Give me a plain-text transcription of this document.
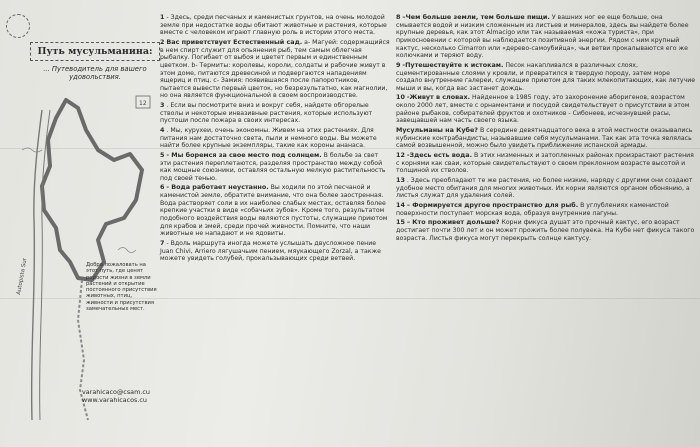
Путь мусульманина:
... Путеводитель для вашего удовольствия.
Autopista Sur
12
Добро пожаловать на этот путь, где ценят редости жизни в земли растений и открытие постоянного присутствия животных, птиц, живности и присутствия замечательных мест.
varahicaco@csam.cu
www.varahicacos.cu

1 - Здесь, среди песчаных и каменистых грунтов, на очень молодой земле при недостатке воды обитают животные и растения, которые вместе с человеком играют главную роль в истории этого места.

2 Вас приветствует Естественный сад. а- Магуей: содержащийся в нем спирт служит для опьянения рыб, тем самым облегчая рыбалку. Погибает от выбоя и цветет первым и единственным цветком. b- Термиты: королевы, короли, солдаты и рабочие живут в этом доме, питаются древесиной и подвергаются нападениям ящериц и птиц. с- Замия: появившаяся после папоротников, пытается вывести первый цветок, но безрезультатно, как магнолии, но она является функциональной в своем воспроизводстве.

3 . Если вы посмотрите вниз и вокруг себя, найдете обгорелые стволы и некоторые инвазивные растения, которые используют пустоши после пожара в своих интересах.

4 . Мы, курухеи, очень экономны. Живем на этих растениях. Для питания нам достаточно света, пыли и немного воды. Вы можете найти более крупные экземпляры, такие как короны ананаса.

5 - Мы боремся за свое место под солнцем. В больбе за свет эти растения переплетаются, разделяя пространство между собой как мощные союзники, оставляя остальную мелкую растительность под своей тенью.

6 - Вода работает неустанно. Вы ходили по этой песчаной и каменистой земле, обратите внимание, что она более заостренная. Вода растворяет соли в их наиболее слабых местах, оставляя более крепкие участки в виде «собачьих зубов». Кроме того, результатом подобного воздействия воды являются пустоты, служащие приютом для крабов и змей, среди прочей живности. Помните, что наши животные не нападают и не ядовиты.

7 - Вдоль маршрута иногда можете услышать двусложное пение Juan Chivi, Arriero лягушачьим пением, мяукающего Zorzal, а также можете увидеть голубей, прокальзывающих среди ветвей.

8 –Чем больше земли, тем больше пищи. У вашних ног ее еще больше, она смывается водой и низким сложенным из листьев и минералов, здесь вы найдете более крупные деревья, как этот Almacigo или так называемая «кожа туриста», при прикосновении с которой вы наблюдается позитивной энергии. Рядом с ним крупный кактус, несколько Cimarron или «дерево-самоубийца», чьи ветви прокалываются его же колючками и теряют воду.

9 -Путешествуйте к истокам. Песок накапливался в различных слоях, сцементированные слоями у кровли, и превратился в твердую породу, затем море создало внутренние галереи, служащие приютом для таких млекопитающих, как летучие мыши и вы, когда вас застанет дождь.

10 -Живут в словах. Найденное в 1985 году, это захоронение аборигенов, возрастом около 2000 лет, вместе с орнаментами и посудой свидетельствует о присутствии в этом районе рыбаков, собирателей фруктов и охотников - Сибонеев, исчезнувшей расы, завещавшей нам часть своего языка.

Мусульманы на Кубе? В середине девятнадцатого века в этой местности оказывались кубинские контрабандисты, называвшие себя мусульманами. Так как эта точка являлась самой возвышенной, можно было увидеть приближение испанской армады.

12 -Здесь есть вода. В этих низменных и затопленных районах произрастают растения с корнями как сваи, которые свидетельствуют о своем преклонном возрасте высотой и толщиной их стволов.

13 . Здесь преобладают те же растения, но более низкие, наряду с другими они создают удобное место обитания для многих животных. Их корни являются органом обонянию, а листья служат для удаления солей.

14 – Формируется другое пространство для рыб. В углублениях каменистой поверхности поступает морская вода, образуя внутренние лагуны.

15 – Кто проживет дольше? Корни фикуса душат это прочный кактус, его возраст достигает почти 300 лет и он может прожить более полувека. На Кубе нет фикуса такого возраста. Листья фикуса могут перекрыть солнце кактусу.
